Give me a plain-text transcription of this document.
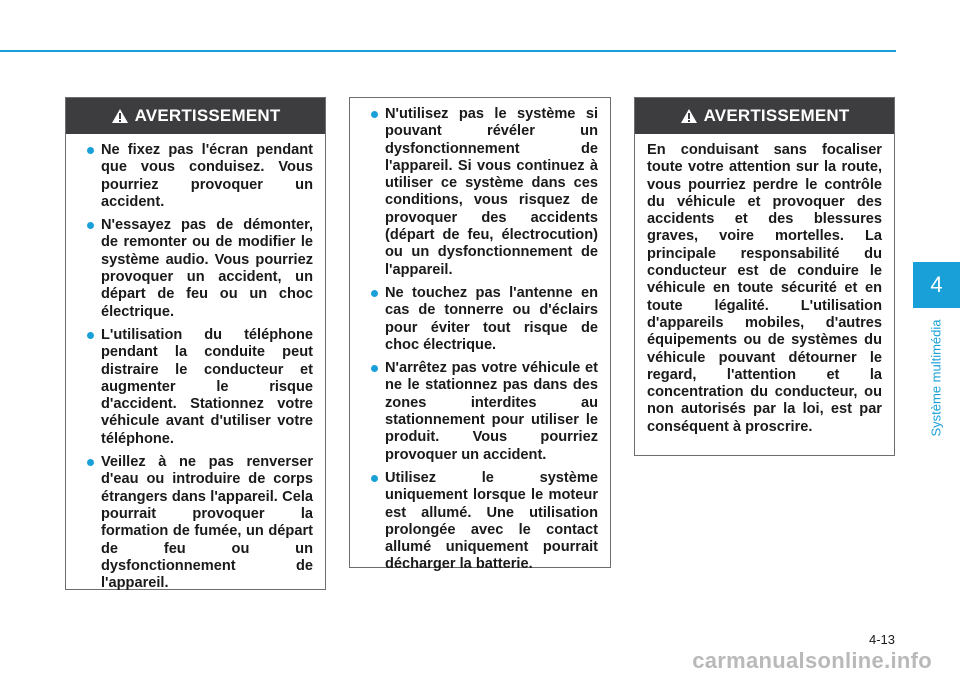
AVERTISSEMENT
Ne fixez pas l'écran pendant que vous conduisez. Vous pourriez provoquer un accident.
N'essayez pas de démonter, de remonter ou de modifier le système audio. Vous pourriez provoquer un accident, un départ de feu ou un choc électrique.
L'utilisation du téléphone pendant la conduite peut distraire le conducteur et augmenter le risque d'accident. Stationnez votre véhicule avant d'utiliser votre téléphone.
Veillez à ne pas renverser d'eau ou introduire de corps étrangers dans l'appareil. Cela pourrait provoquer la formation de fumée, un départ de feu ou un dysfonctionnement de l'appareil.
N'utilisez pas le système si pouvant révéler un dysfonctionnement de l'appareil. Si vous continuez à utiliser ce système dans ces conditions, vous risquez de provoquer des accidents (départ de feu, électrocution) ou un dysfonctionnement de l'appareil.
Ne touchez pas l'antenne en cas de tonnerre ou d'éclairs pour éviter tout risque de choc électrique.
N'arrêtez pas votre véhicule et ne le stationnez pas dans des zones interdites au stationnement pour utiliser le produit. Vous pourriez provoquer un accident.
Utilisez le système uniquement lorsque le moteur est allumé. Une utilisation prolongée avec le contact allumé uniquement pourrait décharger la batterie.
AVERTISSEMENT

En conduisant sans focaliser toute votre attention sur la route, vous pourriez perdre le contrôle du véhicule et provoquer des accidents et des blessures graves, voire mortelles. La principale responsabilité du conducteur est de conduire le véhicule en toute sécurité et en toute légalité. L'utilisation d'appareils mobiles, d'autres équipements ou de systèmes du véhicule pouvant détourner le regard, l'attention et la concentration du conducteur, ou non autorisés par la loi, est par conséquent à proscrire.

4
Système multimédia
4-13
carmanualsonline.info
